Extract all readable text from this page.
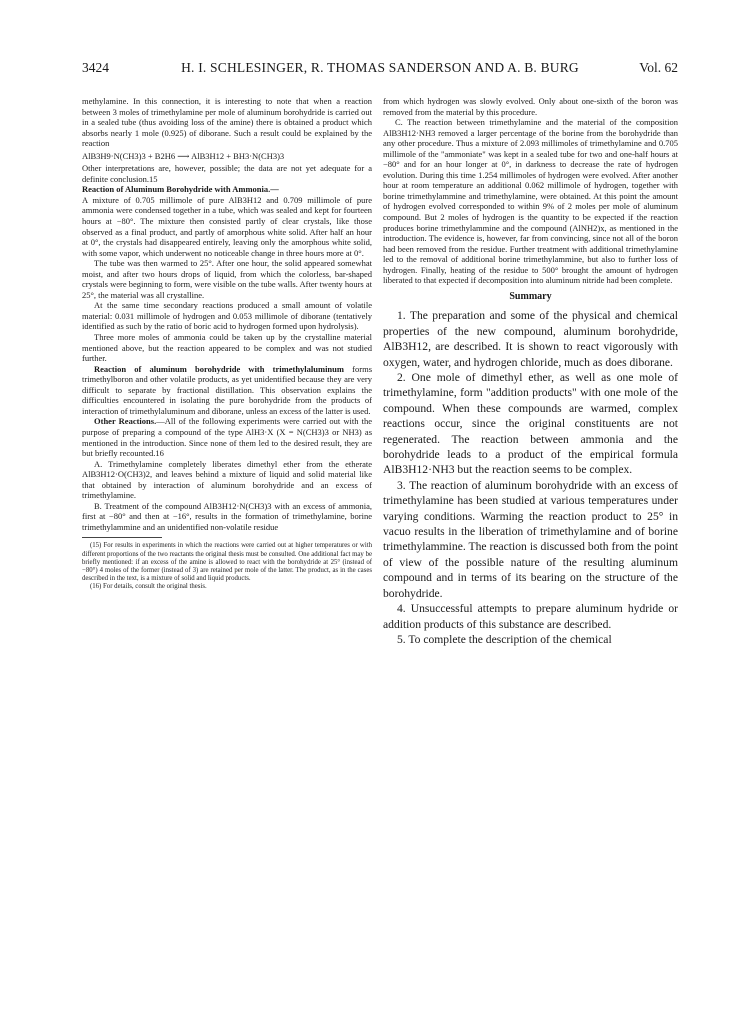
3424	H. I. SCHLESINGER, R. THOMAS SANDERSON AND A. B. BURG	Vol. 62

methylamine. In this connection, it is interesting to note that when a reaction between 3 moles of trimethylamine per mole of aluminum borohydride is carried out in a sealed tube (thus avoiding loss of the amine) there is obtained a product which absorbs nearly 1 mole (0.925) of diborane. Such a result could be explained by the reaction

AlB3H9·N(CH3)3 + B2H6 ⟶ AlB3H12 + BH3·N(CH3)3

Other interpretations are, however, possible; the data are not yet adequate for a definite conclusion.15

Reaction of Aluminum Borohydride with Ammonia.—

A mixture of 0.705 millimole of pure AlB3H12 and 0.709 millimole of pure ammonia were condensed together in a tube, which was sealed and kept for fourteen hours at −80°. The mixture then consisted partly of clear crystals, like those observed as a final product, and partly of amorphous white solid. After half an hour at 0°, the crystals had disappeared entirely, leaving only the amorphous white solid, with some vapor, which underwent no noticeable change in three hours more at 0°.

The tube was then warmed to 25°. After one hour, the solid appeared somewhat moist, and after two hours drops of liquid, from which the colorless, bar-shaped crystals were beginning to form, were visible on the tube walls. After twenty hours at 25°, the material was all crystalline.

At the same time secondary reactions produced a small amount of volatile material: 0.031 millimole of hydrogen and 0.053 millimole of diborane (tentatively identified as such by the ratio of boric acid to hydrogen formed upon hydrolysis).

Three more moles of ammonia could be taken up by the crystalline material mentioned above, but the reaction appeared to be complex and was not studied further.

Reaction of aluminum borohydride with trimethylaluminum forms trimethylboron and other volatile products, as yet unidentified because they are very difficult to separate by fractional distillation. This observation explains the difficulties encountered in isolating the pure borohydride from the products of interaction of trimethylaluminum and diborane, unless an excess of the latter is used.

Other Reactions.—All of the following experiments were carried out with the purpose of preparing a compound of the type AlH3·X (X = N(CH3)3 or NH3) as mentioned in the introduction. Since none of them led to the desired result, they are but briefly recounted.16

A. Trimethylamine completely liberates dimethyl ether from the etherate AlB3H12·O(CH3)2, and leaves behind a mixture of liquid and solid material like that obtained by interaction of aluminum borohydride and an excess of trimethylamine.

B. Treatment of the compound AlB3H12·N(CH3)3 with an excess of ammonia, first at −80° and then at −16°, results in the formation of trimethylamine, borine trimethylammine and an unidentified non-volatile residue

(15) For results in experiments in which the reactions were carried out at higher temperatures or with different proportions of the two reactants the original thesis must be consulted. One additional fact may be briefly mentioned: if an excess of the amine is allowed to react with the borohydride at 25° (instead of −80°) 4 moles of the former (instead of 3) are retained per mole of the latter. The product, as in the cases described in the text, is a mixture of solid and liquid products.

(16) For details, consult the original thesis.

from which hydrogen was slowly evolved. Only about one-sixth of the boron was removed from the material by this procedure.

C. The reaction between trimethylamine and the material of the composition AlB3H12·NH3 removed a larger percentage of the borine from the borohydride than any other procedure. Thus a mixture of 2.093 millimoles of trimethylamine and 0.705 millimole of the "ammoniate" was kept in a sealed tube for two and one-half hours at −80° and for an hour longer at 0°, in darkness to decrease the rate of hydrogen evolution. During this time 1.254 millimoles of hydrogen were evolved. After another hour at room temperature an additional 0.062 millimole of hydrogen, together with borine trimethylammine and trimethylamine, were obtained. At this point the amount of hydrogen evolved corresponded to within 9% of 2 moles per mole of aluminum compound. But 2 moles of hydrogen is the quantity to be expected if the reaction produces borine trimethylammine and the compound (AlNH2)x, as mentioned in the introduction. The evidence is, however, far from convincing, since not all of the boron had been removed from the residue. Further treatment with additional trimethylamine led to the removal of additional borine trimethylammine, but also to further loss of hydrogen. Finally, heating of the residue to 500° brought the amount of hydrogen liberated to that expected if decomposition into aluminum nitride had been complete.

Summary

1. The preparation and some of the physical and chemical properties of the new compound, aluminum borohydride, AlB3H12, are described. It is shown to react vigorously with oxygen, water, and hydrogen chloride, much as does diborane.

2. One mole of dimethyl ether, as well as one mole of trimethylamine, form "addition products" with one mole of the compound. When these compounds are warmed, complex reactions occur, since the original constituents are not regenerated. The reaction between ammonia and the borohydride leads to a product of the empirical formula AlB3H12·NH3 but the reaction seems to be complex.

3. The reaction of aluminum borohydride with an excess of trimethylamine has been studied at various temperatures under varying conditions. Warming the reaction product to 25° in vacuo results in the liberation of trimethylamine and of borine trimethylammine. The reaction is discussed both from the point of view of the possible nature of the resulting aluminum compound and in terms of its bearing on the structure of the borohydride.

4. Unsuccessful attempts to prepare aluminum hydride or addition products of this substance are described.

5. To complete the description of the chemical
